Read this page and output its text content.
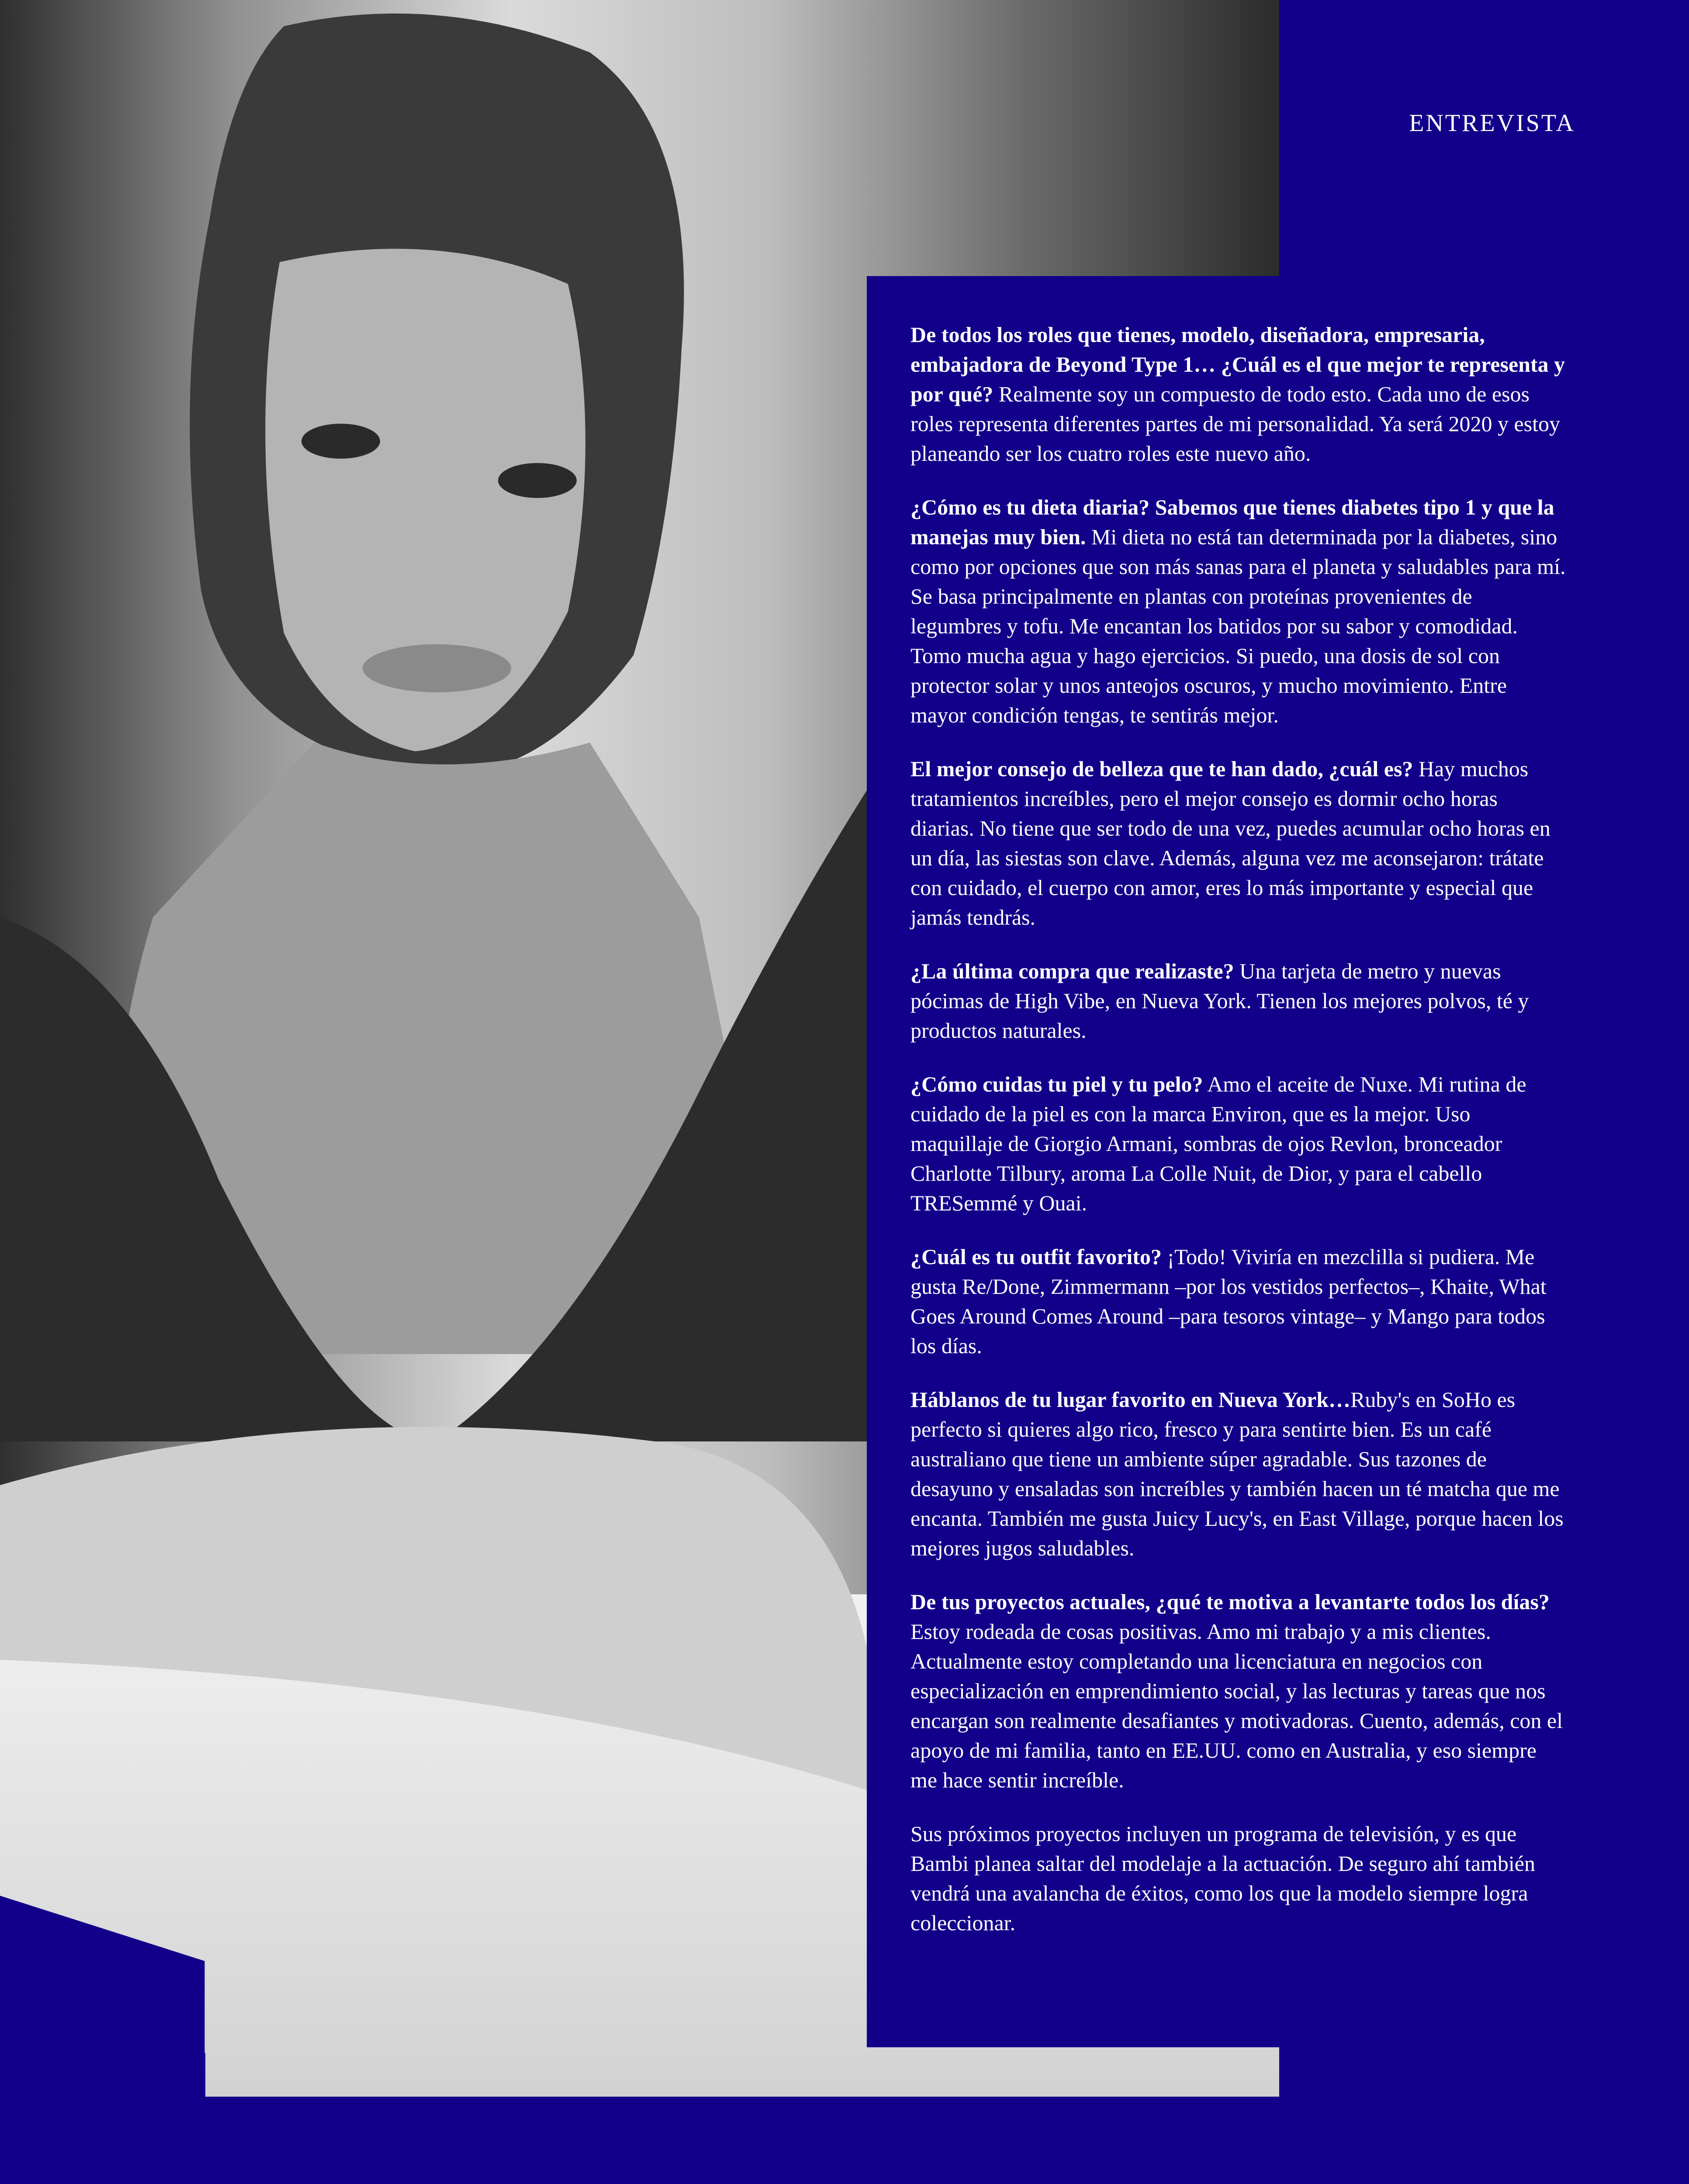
ENTREVISTA

De todos los roles que tienes, modelo, diseñadora, empresaria, embajadora de Beyond Type 1… ¿Cuál es el que mejor te representa y por qué? Realmente soy un compuesto de todo esto. Cada uno de esos roles representa diferentes partes de mi personalidad. Ya será 2020 y estoy planeando ser los cuatro roles este nuevo año.

¿Cómo es tu dieta diaria? Sabemos que tienes diabetes tipo 1 y que la manejas muy bien. Mi dieta no está tan determinada por la diabetes, sino como por opciones que son más sanas para el planeta y saludables para mí. Se basa principalmente en plantas con proteínas provenientes de legumbres y tofu. Me encantan los batidos por su sabor y comodidad. Tomo mucha agua y hago ejercicios. Si puedo, una dosis de sol con protector solar y unos anteojos oscuros, y mucho movimiento. Entre mayor condición tengas, te sentirás mejor.

El mejor consejo de belleza que te han dado, ¿cuál es? Hay muchos tratamientos increíbles, pero el mejor consejo es dormir ocho horas diarias. No tiene que ser todo de una vez, puedes acumular ocho horas en un día, las siestas son clave. Además, alguna vez me aconsejaron: trátate con cuidado, el cuerpo con amor, eres lo más importante y especial que jamás tendrás.

¿La última compra que realizaste? Una tarjeta de metro y nuevas pócimas de High Vibe, en Nueva York. Tienen los mejores polvos, té y productos naturales.

¿Cómo cuidas tu piel y tu pelo? Amo el aceite de Nuxe. Mi rutina de cuidado de la piel es con la marca Environ, que es la mejor. Uso maquillaje de Giorgio Armani, sombras de ojos Revlon, bronceador Charlotte Tilbury, aroma La Colle Nuit, de Dior, y para el cabello TRESemmé y Ouai.

¿Cuál es tu outfit favorito? ¡Todo! Viviría en mezclilla si pudiera. Me gusta Re/Done, Zimmermann –por los vestidos perfectos–, Khaite, What Goes Around Comes Around –para tesoros vintage– y Mango para todos los días.

Háblanos de tu lugar favorito en Nueva York…Ruby's en SoHo es perfecto si quieres algo rico, fresco y para sentirte bien. Es un café australiano que tiene un ambiente súper agradable. Sus tazones de desayuno y ensaladas son increíbles y también hacen un té matcha que me encanta. También me gusta Juicy Lucy's, en East Village, porque hacen los mejores jugos saludables.

De tus proyectos actuales, ¿qué te motiva a levantarte todos los días? Estoy rodeada de cosas positivas. Amo mi trabajo y a mis clientes. Actualmente estoy completando una licenciatura en negocios con especialización en emprendimiento social, y las lecturas y tareas que nos encargan son realmente desafiantes y motivadoras. Cuento, además, con el apoyo de mi familia, tanto en EE.UU. como en Australia, y eso siempre me hace sentir increíble.

Sus próximos proyectos incluyen un programa de televisión, y es que Bambi planea saltar del modelaje a la actuación. De seguro ahí también vendrá una avalancha de éxitos, como los que la modelo siempre logra coleccionar.
